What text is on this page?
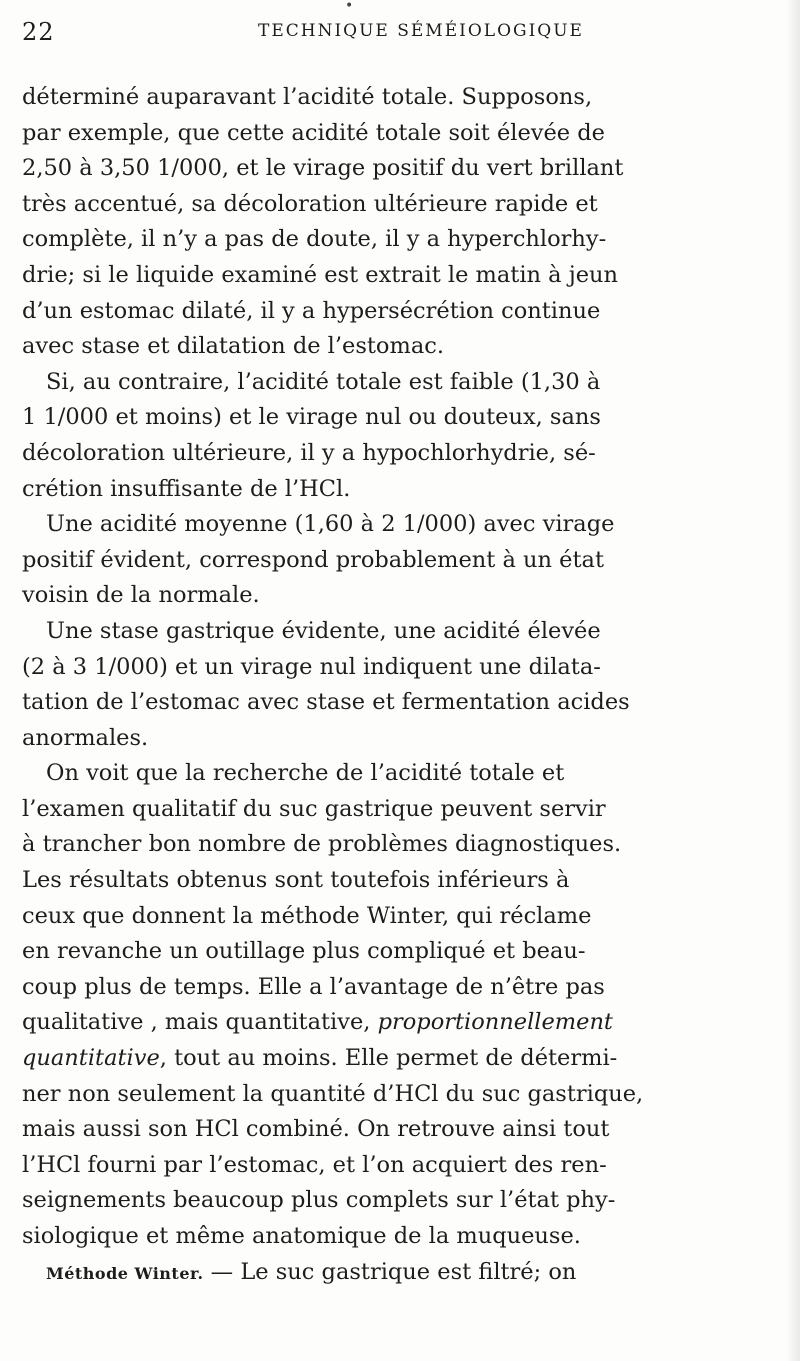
•
22	TECHNIQUE SÉMÉIOLOGIQUE
déterminé auparavant l’acidité totale. Supposons,
par exemple, que cette acidité totale soit élevée de
2,50 à 3,50 1/000, et le virage positif du vert brillant
très accentué, sa décoloration ultérieure rapide et
complète, il n’y a pas de doute, il y a hyperchlorhy-
drie; si le liquide examiné est extrait le matin à jeun
d’un estomac dilaté, il y a hypersécrétion continue
avec stase et dilatation de l’estomac.
Si, au contraire, l’acidité totale est faible (1,30 à
1 1/000 et moins) et le virage nul ou douteux, sans
décoloration ultérieure, il y a hypochlorhydrie, sé-
crétion insuffisante de l’HCl.
Une acidité moyenne (1,60 à 2 1/000) avec virage
positif évident, correspond probablement à un état
voisin de la normale.
Une stase gastrique évidente, une acidité élevée
(2 à 3 1/000) et un virage nul indiquent une dilata-
tation de l’estomac avec stase et fermentation acides
anormales.
On voit que la recherche de l’acidité totale et
l’examen qualitatif du suc gastrique peuvent servir
à trancher bon nombre de problèmes diagnostiques.
Les résultats obtenus sont toutefois inférieurs à
ceux que donnent la méthode Winter, qui réclame
en revanche un outillage plus compliqué et beau-
coup plus de temps. Elle a l’avantage de n’être pas
qualitative , mais quantitative, proportionnellement
quantitative, tout au moins. Elle permet de détermi-
ner non seulement la quantité d’HCl du suc gastrique,
mais aussi son HCl combiné. On retrouve ainsi tout
l’HCl fourni par l’estomac, et l’on acquiert des ren-
seignements beaucoup plus complets sur l’état phy-
siologique et même anatomique de la muqueuse.
Méthode Winter. — Le suc gastrique est filtré; on
